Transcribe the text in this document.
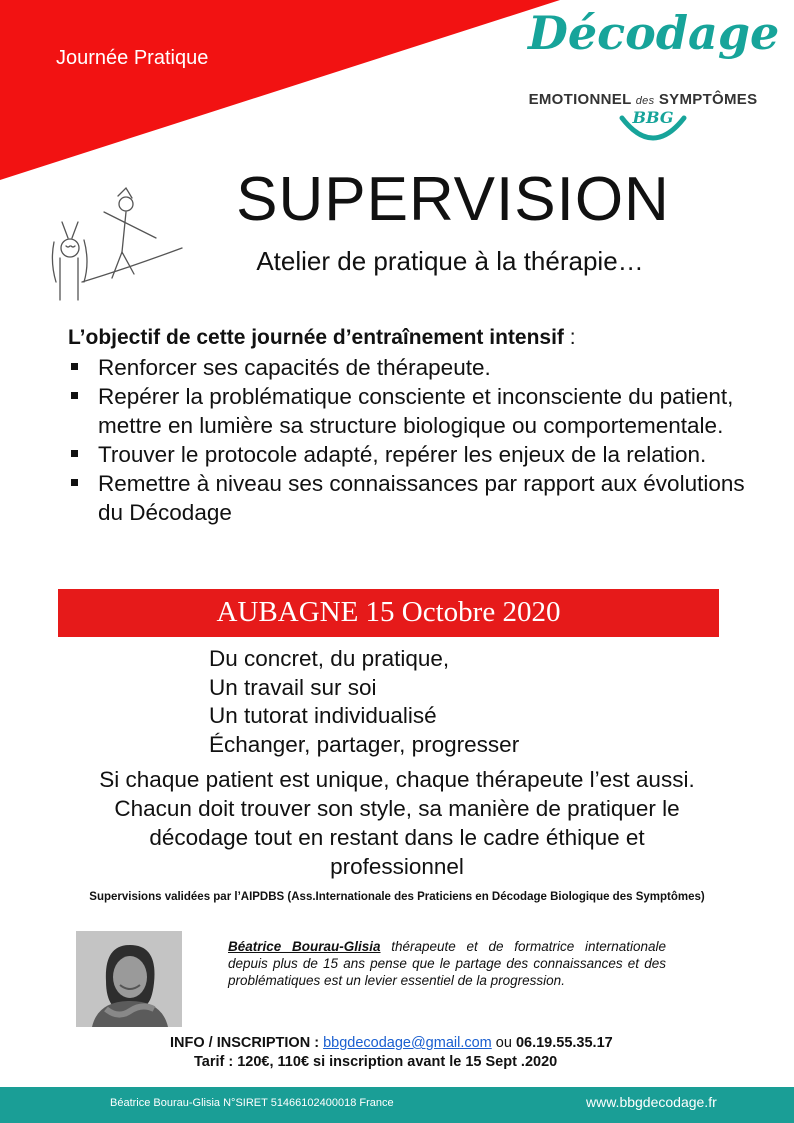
Journée Pratique	Décodage
EMOTIONNEL des SYMPTÔMES
BBG
SUPERVISION
Atelier de pratique à la thérapie…
L’objectif de cette journée d’entraînement intensif :
Renforcer ses capacités de thérapeute.
Repérer la problématique consciente et inconsciente du patient, mettre en lumière sa structure biologique ou comportementale.
Trouver le protocole adapté, repérer les enjeux de la relation.
Remettre à niveau ses connaissances par rapport aux évolutions du Décodage
AUBAGNE 15 Octobre 2020
Du concret, du pratique,
Un travail sur soi
Un tutorat individualisé
Échanger, partager, progresser

Si chaque patient est unique, chaque thérapeute l’est aussi.

Chacun doit trouver son style, sa manière de pratiquer le

décodage tout en restant dans le cadre éthique et

professionnel

Supervisions validées par l’AIPDBS (Ass.Internationale des Praticiens en Décodage Biologique des Symptômes)
Béatrice Bourau-Glisia thérapeute et de formatrice internationale depuis plus de 15 ans pense que le partage des connaissances et des problématiques est un levier essentiel de la progression.
INFO / INSCRIPTION : bbgdecodage@gmail.com ou 06.19.55.35.17
Tarif : 120€, 110€ si inscription avant le 15 Sept .2020
Béatrice Bourau-Glisia N°SIRET 51466102400018 France	www.bbgdecodage.fr
